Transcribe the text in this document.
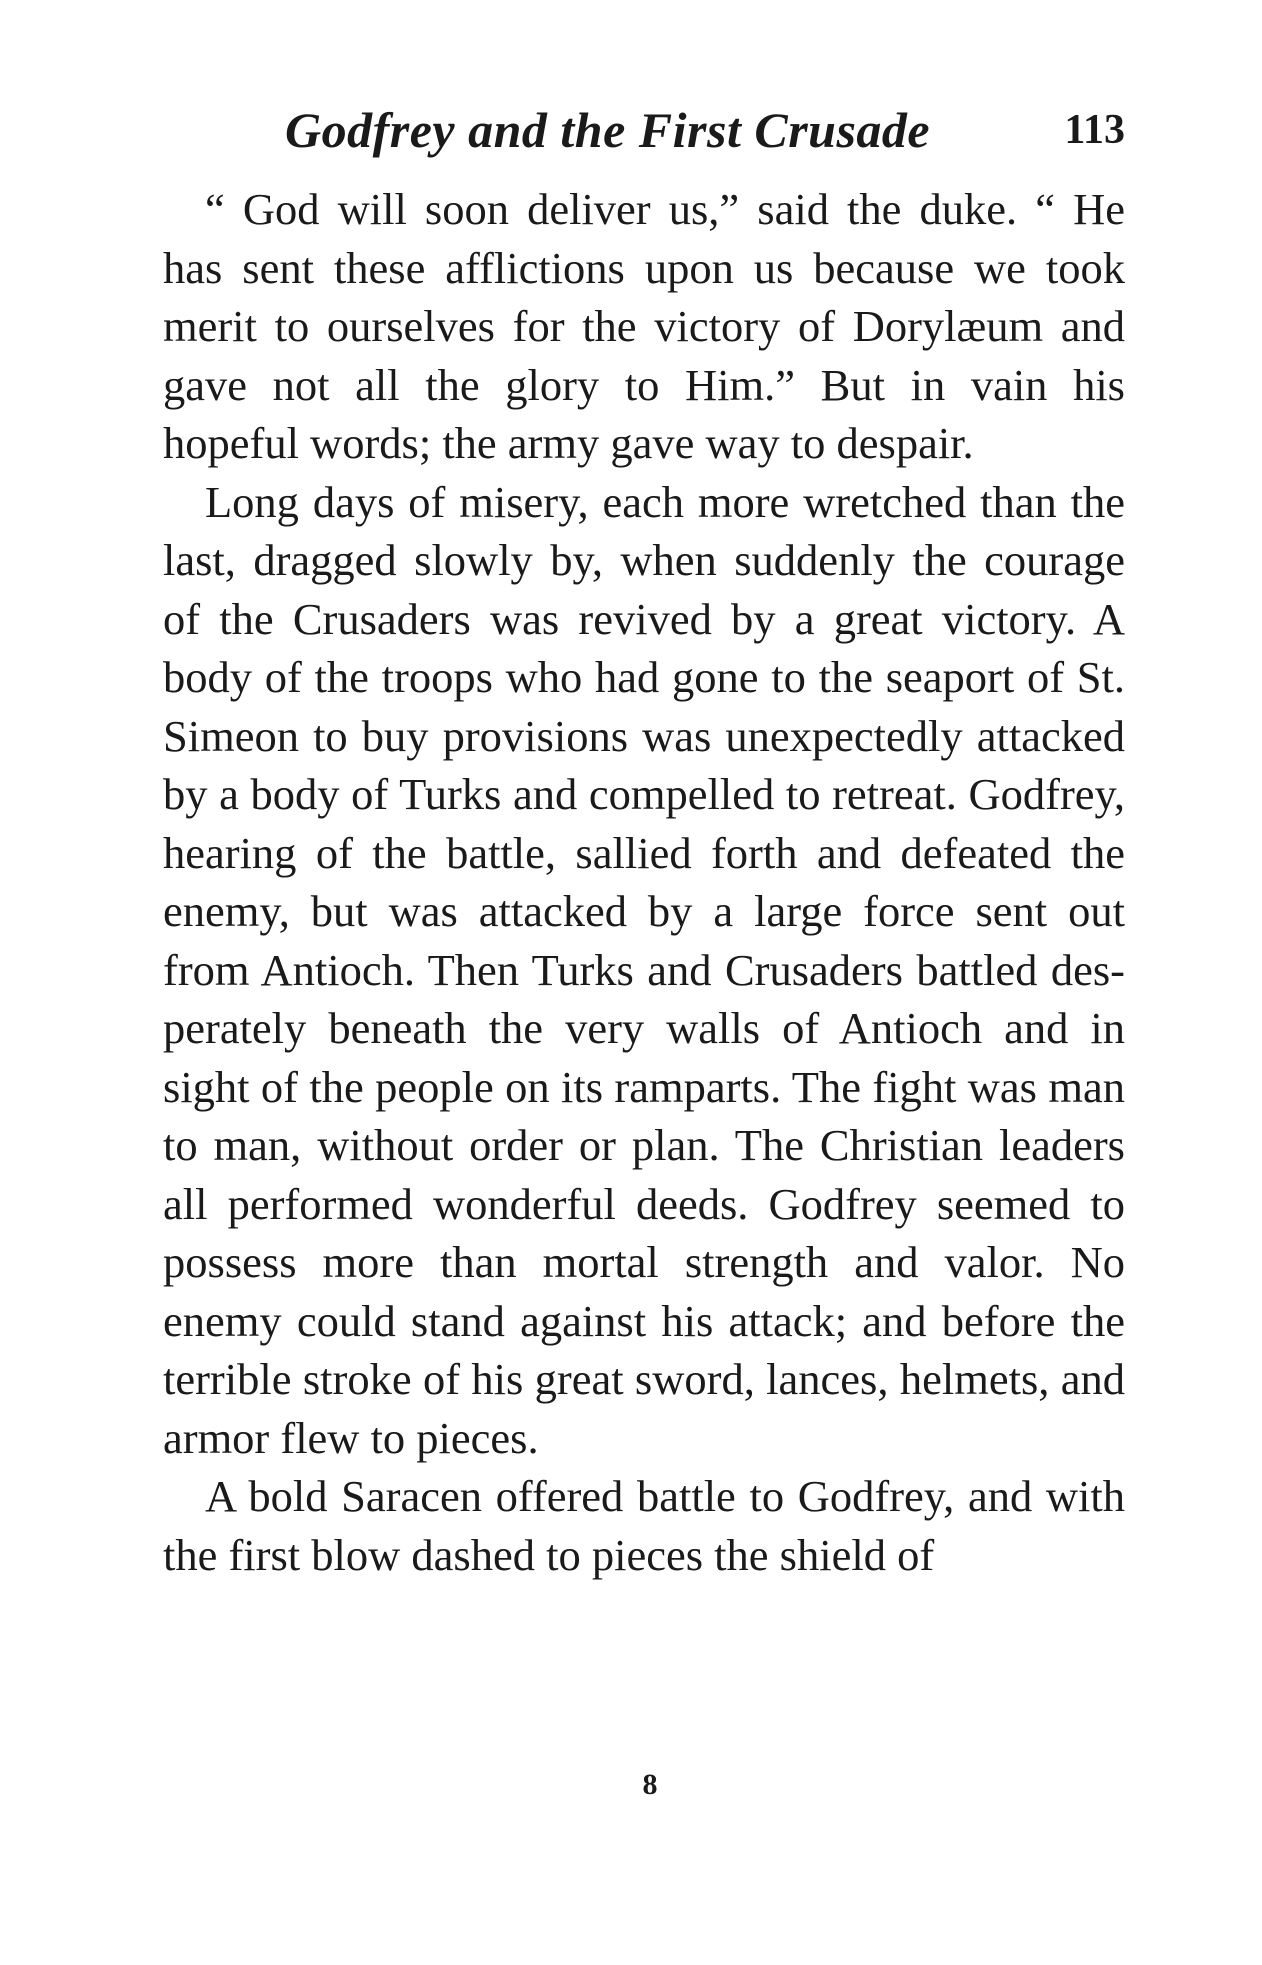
Godfrey and the First Crusade	113

“ God will soon deliver us,” said the duke. “ He has sent these afflictions upon us because we took merit to ourselves for the victory of Dorylæum and gave not all the glory to Him.” But in vain his hopeful words; the army gave way to despair.

Long days of misery, each more wretched than the last, dragged slowly by, when suddenly the courage of the Crusaders was revived by a great victory. A body of the troops who had gone to the seaport of St. Simeon to buy provisions was unexpectedly attacked by a body of Turks and compelled to retreat. Godfrey, hearing of the battle, sallied forth and defeated the enemy, but was attacked by a large force sent out from Antioch. Then Turks and Crusaders battled des-perately beneath the very walls of Antioch and in sight of the people on its ramparts. The fight was man to man, without order or plan. The Christian leaders all performed wonderful deeds. Godfrey seemed to possess more than mortal strength and valor. No enemy could stand against his attack; and before the terrible stroke of his great sword, lances, helmets, and armor flew to pieces.

A bold Saracen offered battle to Godfrey, and with the first blow dashed to pieces the shield of

8
